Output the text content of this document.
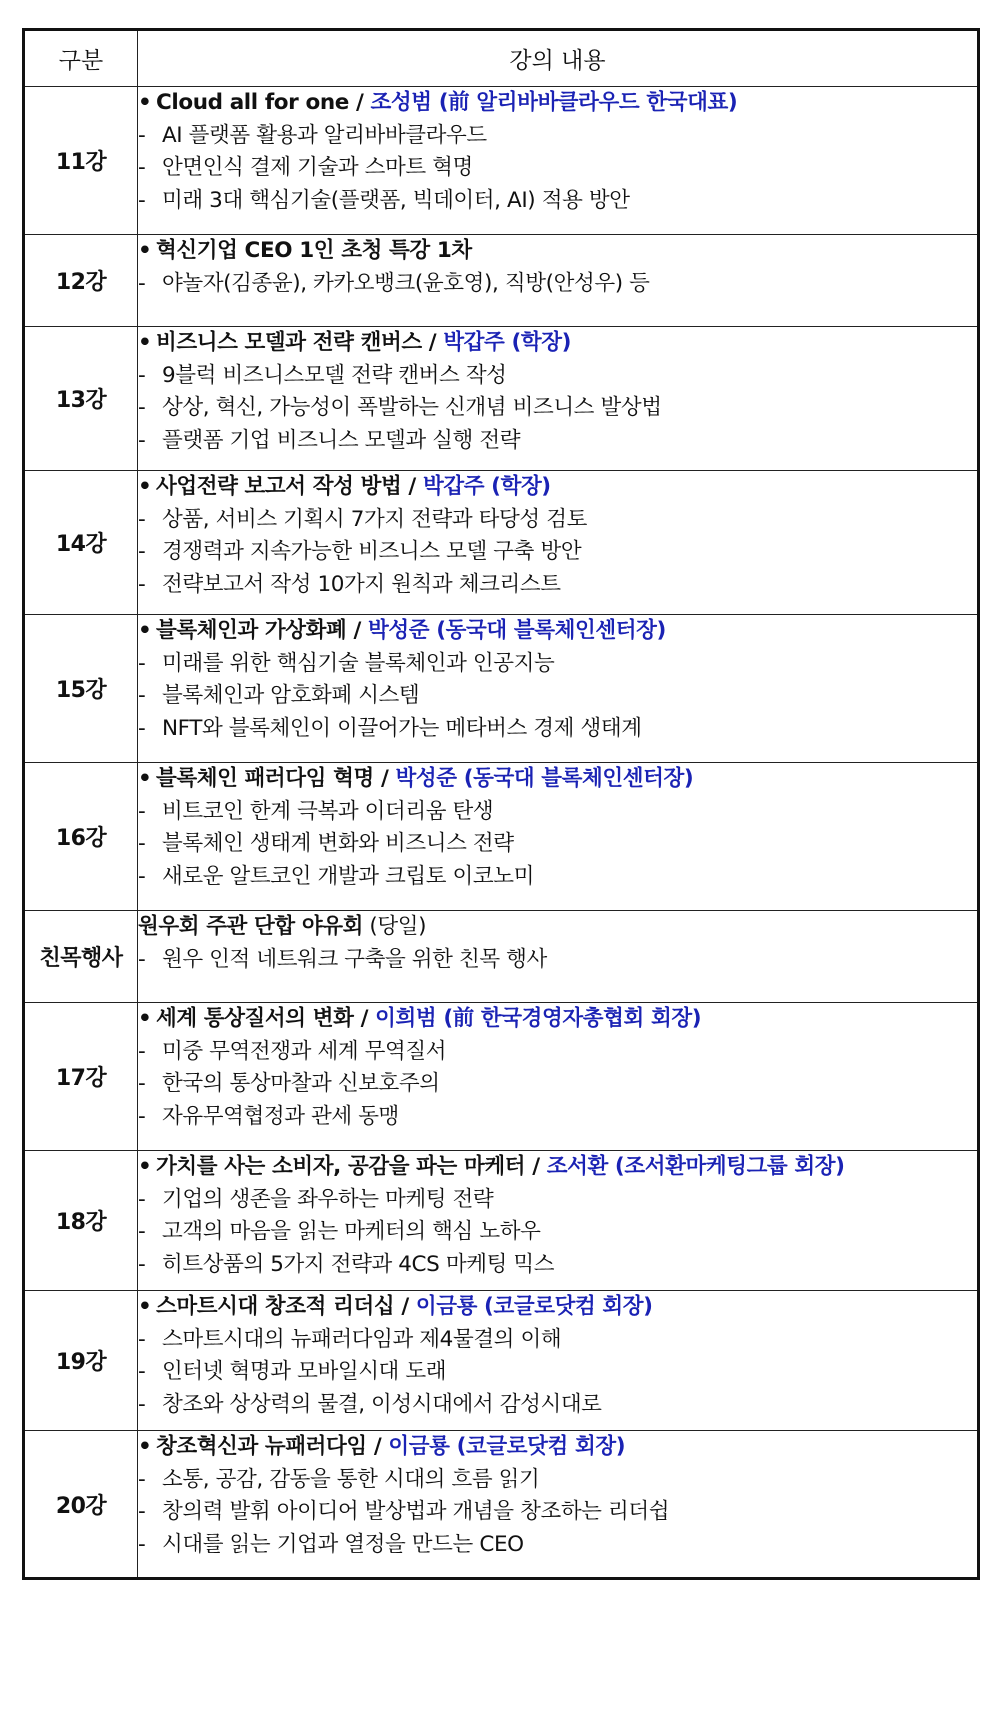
구분	강의 내용
11강	• Cloud all for one / 조성범 (前 알리바바클라우드 한국대표)
- AI 플랫폼 활용과 알리바바클라우드
- 안면인식 결제 기술과 스마트 혁명
- 미래 3대 핵심기술(플랫폼, 빅데이터, AI) 적용 방안

12강	• 혁신기업 CEO 1인 초청 특강 1차
- 야놀자(김종윤), 카카오뱅크(윤호영), 직방(안성우) 등

13강	• 비즈니스 모델과 전략 캔버스 / 박갑주 (학장)
- 9블럭 비즈니스모델 전략 캔버스 작성
- 상상, 혁신, 가능성이 폭발하는 신개념 비즈니스 발상법
- 플랫폼 기업 비즈니스 모델과 실행 전략

14강	• 사업전략 보고서 작성 방법 / 박갑주 (학장)
- 상품, 서비스 기획시 7가지 전략과 타당성 검토
- 경쟁력과 지속가능한 비즈니스 모델 구축 방안
- 전략보고서 작성 10가지 원칙과 체크리스트

15강	• 블록체인과 가상화폐 / 박성준 (동국대 블록체인센터장)
- 미래를 위한 핵심기술 블록체인과 인공지능
- 블록체인과 암호화폐 시스템
- NFT와 블록체인이 이끌어가는 메타버스 경제 생태계

16강	• 블록체인 패러다임 혁명 / 박성준 (동국대 블록체인센터장)
- 비트코인 한계 극복과 이더리움 탄생
- 블록체인 생태계 변화와 비즈니스 전략
- 새로운 알트코인 개발과 크립토 이코노미

친목행사	원우회 주관 단합 야유회 (당일)
- 원우 인적 네트워크 구축을 위한 친목 행사

17강	• 세계 통상질서의 변화 / 이희범 (前 한국경영자총협회 회장)
- 미중 무역전쟁과 세계 무역질서
- 한국의 통상마찰과 신보호주의
- 자유무역협정과 관세 동맹

18강	• 가치를 사는 소비자, 공감을 파는 마케터 / 조서환 (조서환마케팅그룹 회장)
- 기업의 생존을 좌우하는 마케팅 전략
- 고객의 마음을 읽는 마케터의 핵심 노하우
- 히트상품의 5가지 전략과 4CS 마케팅 믹스

19강	• 스마트시대 창조적 리더십 / 이금룡 (코글로닷컴 회장)
- 스마트시대의 뉴패러다임과 제4물결의 이해
- 인터넷 혁명과 모바일시대 도래
- 창조와 상상력의 물결, 이성시대에서 감성시대로

20강	• 창조혁신과 뉴패러다임 / 이금룡 (코글로닷컴 회장)
- 소통, 공감, 감동을 통한 시대의 흐름 읽기
- 창의력 발휘 아이디어 발상법과 개념을 창조하는 리더쉽
- 시대를 읽는 기업과 열정을 만드는 CEO
